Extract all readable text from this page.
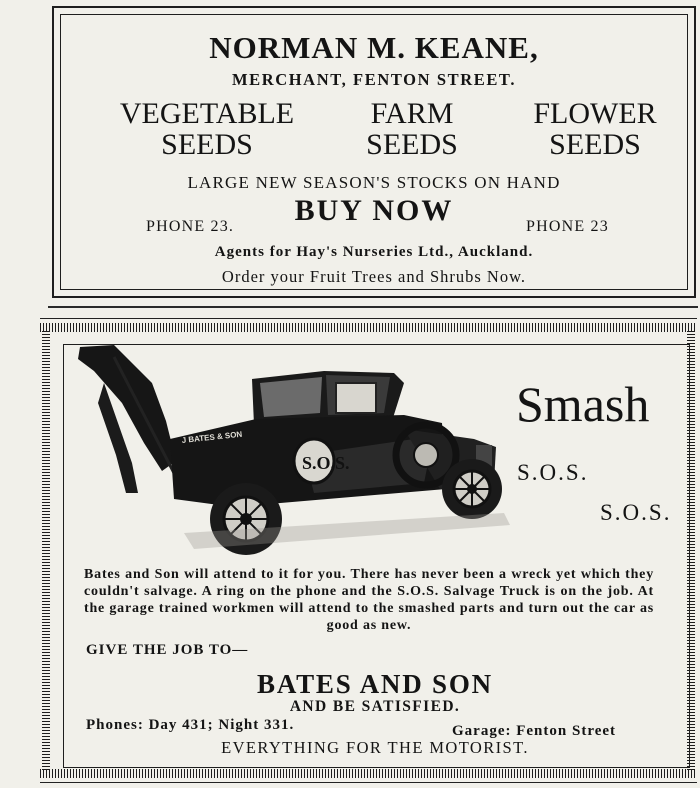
NORMAN M. KEANE,
MERCHANT, FENTON STREET.
VEGETABLE
SEEDS
FARM
SEEDS
FLOWER
SEEDS
LARGE NEW SEASON'S STOCKS ON HAND
BUY NOW
PHONE 23.	PHONE 23
Agents for Hay's Nurseries Ltd., Auckland.
Order your Fruit Trees and Shrubs Now.
S.O.S.
J BATES & SON
Smash
S.O.S.
S.O.S.
Bates and Son will attend to it for you. There has never been a wreck yet which they couldn't salvage. A ring on the phone and the S.O.S. Salvage Truck is on the job. At the garage trained workmen will attend to the smashed parts and turn out the car as good as new.
GIVE THE JOB TO—
BATES AND SON
AND BE SATISFIED.
Phones: Day 431; Night 331.	Garage: Fenton Street
EVERYTHING FOR THE MOTORIST.
